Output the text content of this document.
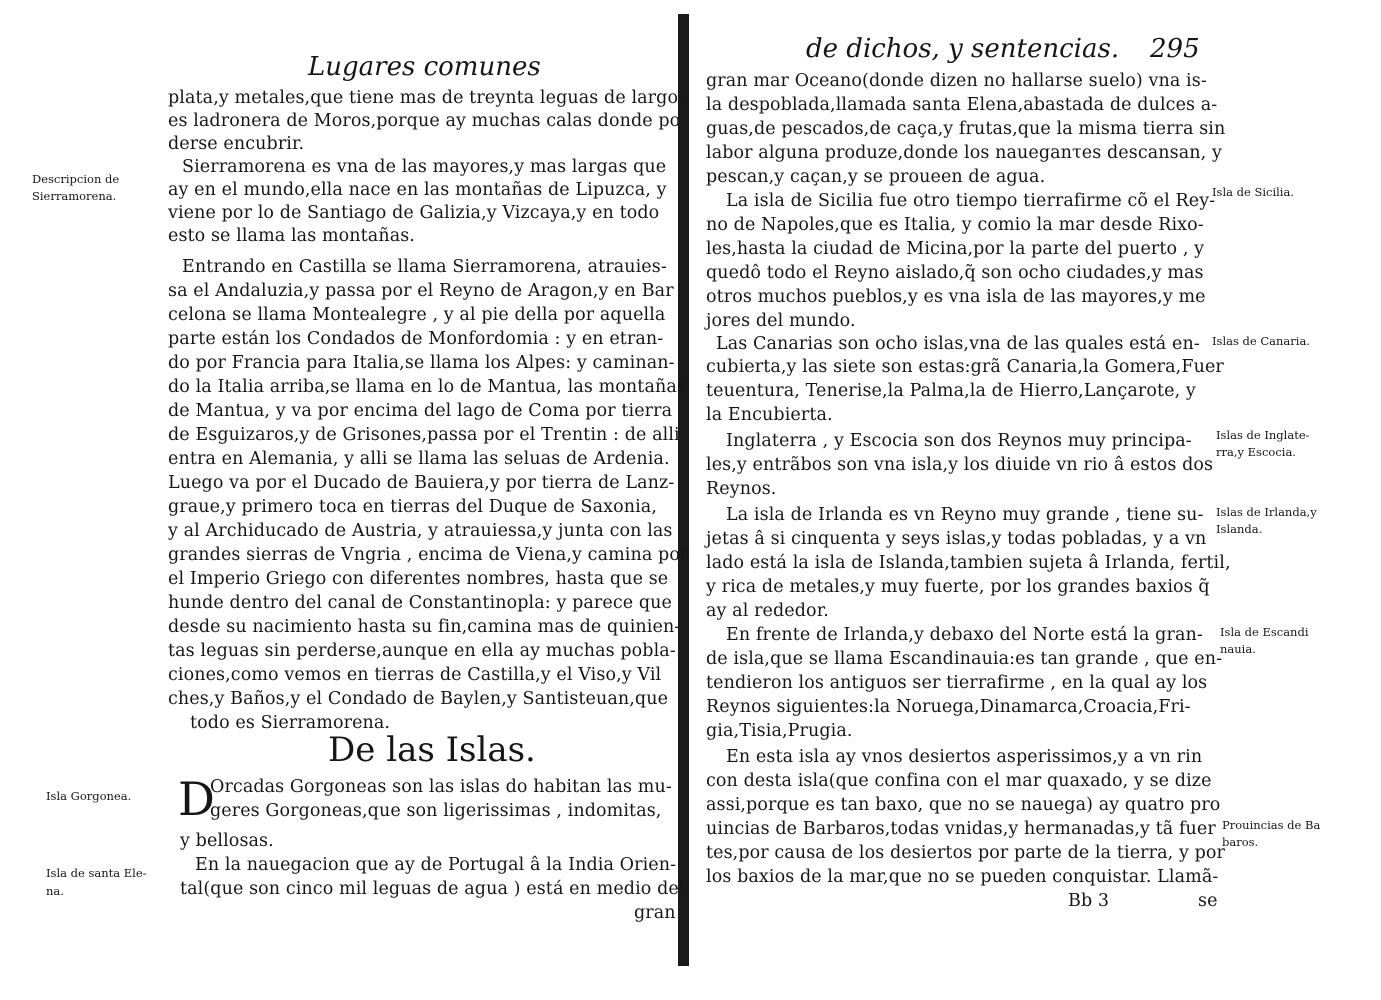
Lugares comunes
plata,y metales,que tiene mas de treynta leguas de largo:
es ladronera de Moros,porque ay muchas calas donde po
derse encubrir.
Sierramorena es vna de las mayores,y mas largas que
ay en el mundo,ella nace en las montañas de Lipuzca, y
viene por lo de Santiago de Galizia,y Vizcaya,y en todo
esto se llama las montañas.
Entrando en Castilla se llama Sierramorena, atrauies-
sa el Andaluzia,y passa por el Reyno de Aragon,y en Bar
celona se llama Montealegre , y al pie della por aquella
parte están los Condados de Monfordomia : y en etran-
do por Francia para Italia,se llama los Alpes: y caminan-
do la Italia arriba,se llama en lo de Mantua, las montañas
de Mantua, y va por encima del lago de Coma por tierra
de Esguizaros,y de Grisones,passa por el Trentin : de alli
entra en Alemania, y alli se llama las seluas de Ardenia.
Luego va por el Ducado de Bauiera,y por tierra de Lanz-
graue,y primero toca en tierras del Duque de Saxonia,
y al Archiducado de Austria, y atrauiessa,y junta con las
grandes sierras de Vngria , encima de Viena,y camina por
el Imperio Griego con diferentes nombres, hasta que se
hunde dentro del canal de Constantinopla: y parece que
desde su nacimiento hasta su fin,camina mas de quinien-
tas leguas sin perderse,aunque en ella ay muchas pobla-
ciones,como vemos en tierras de Castilla,y el Viso,y Vil
ches,y Baños,y el Condado de Baylen,y Santisteuan,que
todo es Sierramorena.
De las Islas.
D
Orcadas Gorgoneas son las islas do habitan las mu-
geres Gorgoneas,que son ligerissimas , indomitas,
y bellosas.
En la nauegacion que ay de Portugal â la India Orien-
tal(que son cinco mil leguas de agua ) está en medio del
gran
Descripcion de
Sierramorena.
Isla Gorgonea.
Isla de santa Ele-
na.
de dichos, y sentencias. 295
gran mar Oceano(donde dizen no hallarse suelo) vna is-
la despoblada,llamada santa Elena,abastada de dulces a-
guas,de pescados,de caça,y frutas,que la misma tierra sin
labor alguna produze,donde los naueganτes descansan, y
pescan,y caçan,y se proueen de agua.
La isla de Sicilia fue otro tiempo tierrafirme cõ el Rey-
no de Napoles,que es Italia, y comio la mar desde Rixo-
les,hasta la ciudad de Micina,por la parte del puerto , y
quedô todo el Reyno aislado,q̃ son ocho ciudades,y mas
otros muchos pueblos,y es vna isla de las mayores,y me
jores del mundo.
Las Canarias son ocho islas,vna de las quales está en-
cubierta,y las siete son estas:grã Canaria,la Gomera,Fuer
teuentura, Tenerise,la Palma,la de Hierro,Lançarote, y
la Encubierta.
Inglaterra , y Escocia son dos Reynos muy principa-
les,y entrãbos son vna isla,y los diuide vn rio â estos dos
Reynos.
La isla de Irlanda es vn Reyno muy grande , tiene su-
jetas â si cinquenta y seys islas,y todas pobladas, y a vn
lado está la isla de Islanda,tambien sujeta â Irlanda, fertil,
y rica de metales,y muy fuerte, por los grandes baxios q̃
ay al rededor.
En frente de Irlanda,y debaxo del Norte está la gran-
de isla,que se llama Escandinauia:es tan grande , que en-
tendieron los antiguos ser tierrafirme , en la qual ay los
Reynos siguientes:la Noruega,Dinamarca,Croacia,Fri-
gia,Tisia,Prugia.
En esta isla ay vnos desiertos asperissimos,y a vn rin
con desta isla(que confina con el mar quaxado, y se dize
assi,porque es tan baxo, que no se nauega) ay quatro pro
uincias de Barbaros,todas vnidas,y hermanadas,y tã fuer
tes,por causa de los desiertos por parte de la tierra, y por
los baxios de la mar,que no se pueden conquistar. Llamã-
Bb 3	se
Isla de Sicilia.
Islas de Canaria.
Islas de Inglate-
rra,y Escocia.
Islas de Irlanda,y
Islanda.
Isla de Escandi
nauia.
Prouincias de Ba
baros.
